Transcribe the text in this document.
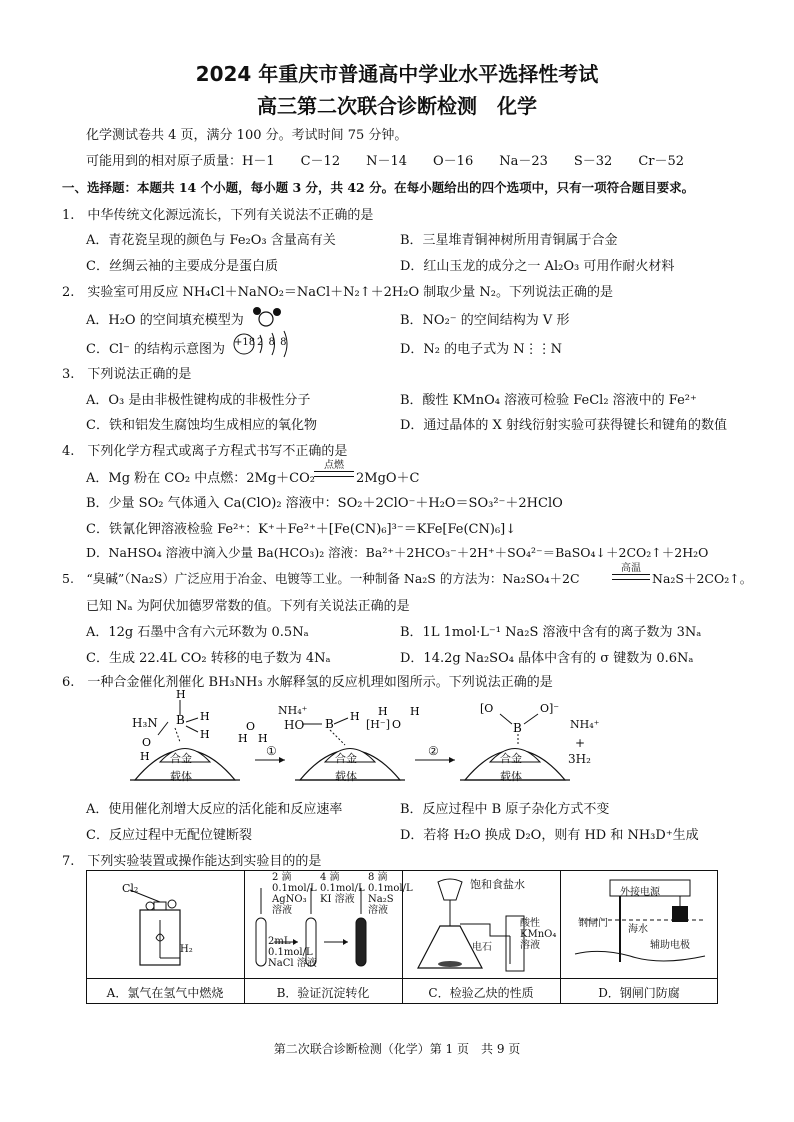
2024 年重庆市普通高中学业水平选择性考试
高三第二次联合诊断检测　化学
化学测试卷共 4 页，满分 100 分。考试时间 75 分钟。
可能用到的相对原子质量：H－1　　C－12　　N－14　　O－16　　Na－23　　S－32　　Cr－52
一、选择题：本题共 14 个小题，每小题 3 分，共 42 分。在每小题给出的四个选项中，只有一项符合题目要求。
1.　中华传统文化源远流长，下列有关说法不正确的是
A．青花瓷呈现的颜色与 Fe₂O₃ 含量高有关	B．三星堆青铜神树所用青铜属于合金
C．丝绸云袖的主要成分是蛋白质	D．红山玉龙的成分之一 Al₂O₃ 可用作耐火材料
2.　实验室可用反应 NH₄Cl＋NaNO₂＝NaCl＋N₂↑＋2H₂O 制取少量 N₂。下列说法正确的是
A．H₂O 的空间填充模型为	B．NO₂⁻ 的空间结构为 V 形
C．Cl⁻ 的结构示意图为 +18 2 8 8	D．N₂ 的电子式为 N⋮⋮N
3.　下列说法正确的是
A．O₃ 是由非极性键构成的非极性分子	B．酸性 KMnO₄ 溶液可检验 FeCl₂ 溶液中的 Fe²⁺
C．铁和铝发生腐蚀均生成相应的氧化物	D．通过晶体的 X 射线衍射实验可获得键长和键角的数值
4.　下列化学方程式或离子方程式书写不正确的是
A．Mg 粉在 CO₂ 中点燃：2Mg＋CO₂
点燃
2MgO＋C
B．少量 SO₂ 气体通入 Ca(ClO)₂ 溶液中：SO₂＋2ClO⁻＋H₂O＝SO₃²⁻＋2HClO
C．铁氰化钾溶液检验 Fe²⁺：K⁺＋Fe²⁺＋[Fe(CN)₆]³⁻＝KFe[Fe(CN)₆]↓
D．NaHSO₄ 溶液中滴入少量 Ba(HCO₃)₂ 溶液：Ba²⁺＋2HCO₃⁻＋2H⁺＋SO₄²⁻＝BaSO₄↓＋2CO₂↑＋2H₂O
5.　“臭碱”（Na₂S）广泛应用于冶金、电镀等工业。一种制备 Na₂S 的方法为：Na₂SO₄＋2C
高温
Na₂S＋2CO₂↑。
已知 Nₐ 为阿伏加德罗常数的值。下列有关说法正确的是
A．12g 石墨中含有六元环数为 0.5Nₐ	B．1L 1mol·L⁻¹ Na₂S 溶液中含有的离子数为 3Nₐ
C．生成 22.4L CO₂ 转移的电子数为 4Nₐ	D．14.2g Na₂SO₄ 晶体中含有的 σ 键数为 0.6Nₐ
6.　一种合金催化剂催化 BH₃NH₃ 水解释氢的反应机理如图所示。下列说法正确的是
B
H
H
H
O
H
H
O
H
B
H H
O
H	[O	O]⁻
B
H₃N
NH₄⁺
HO	[H⁻]	NH₄⁺
+
3H₂
合金
载体
合金
载体
合金
载体
①	②
A．使用催化剂增大反应的活化能和反应速率	B．反应过程中 B 原子杂化方式不变
C．反应过程中无配位键断裂	D．若将 H₂O 换成 D₂O，则有 HD 和 NH₃D⁺生成
7.　下列实验装置或操作能达到实验目的的是
Cl₂
H₂
A．氯气在氢气中燃烧
2 滴
0.1mol/L
AgNO₃
溶液
4 滴
0.1mol/L
KI 溶液
8 滴
0.1mol/L
Na₂S
溶液
2mL
0.1mol/L
NaCl 溶液
B．验证沉淀转化
饱和食盐水
电石
酸性
KMnO₄
溶液
C．检验乙炔的性质
外接电源
钢闸门
海水
辅助电极
D．钢闸门防腐
第二次联合诊断检测（化学）第 1 页　共 9 页
